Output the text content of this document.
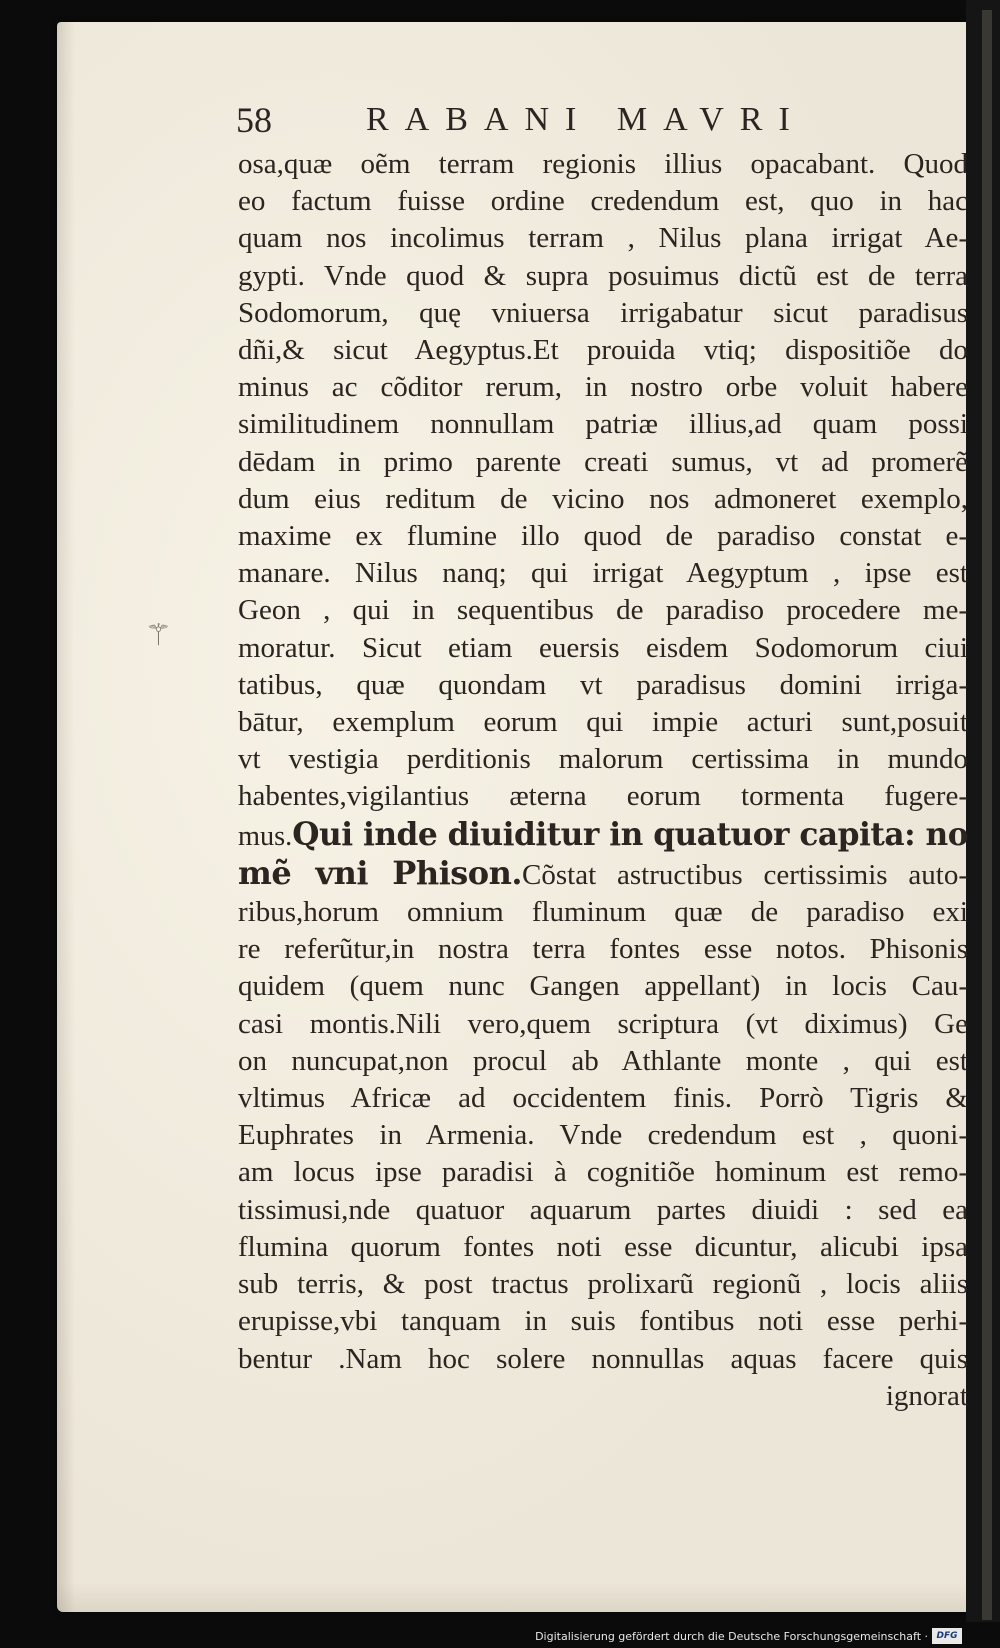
58	RABANI MAVRI
⚚
osa,quæ oẽm terram regionis illius opacabant. Quod
eo factum fuisse ordine credendum est, quo in hac
quam nos incolimus terram , Nilus plana irrigat Ae-
gypti. Vnde quod & supra posuimus dictũ est de terra
Sodomorum, quę vniuersa irrigabatur sicut paradisus
dñi,& sicut Aegyptus.Et prouida vtiq; dispositiõe do
minus ac cõditor rerum, in nostro orbe voluit habere
similitudinem nonnullam patriæ illius,ad quam possi
dēdam in primo parente creati sumus, vt ad promerẽ
dum eius reditum de vicino nos admoneret exemplo,
maxime ex flumine illo quod de paradiso constat e-
manare. Nilus nanq; qui irrigat Aegyptum , ipse est
Geon , qui in sequentibus de paradiso procedere me-
moratur. Sicut etiam euersis eisdem Sodomorum ciui
tatibus, quæ quondam vt paradisus domini irriga-
bātur, exemplum eorum qui impie acturi sunt,posuit
vt vestigia perditionis malorum certissima in mundo
habentes,vigilantius æterna eorum tormenta fugere-
mus.Qui inde diuiditur in quatuor capita: no
mẽ vni Phison.Cõstat astructibus certissimis auto-
ribus,horum omnium fluminum quæ de paradiso exi
re referũtur,in nostra terra fontes esse notos. Phisonis
quidem (quem nunc Gangen appellant) in locis Cau-
casi montis.Nili vero,quem scriptura (vt diximus) Ge
on nuncupat,non procul ab Athlante monte , qui est
vltimus Africæ ad occidentem finis. Porrò Tigris &
Euphrates in Armenia. Vnde credendum est , quoni-
am locus ipse paradisi à cognitiõe hominum est remo-
tissimusi,nde quatuor aquarum partes diuidi : sed ea
flumina quorum fontes noti esse dicuntur, alicubi ipsa
sub terris, & post tractus prolixarũ regionũ , locis aliis
erupisse,vbi tanquam in suis fontibus noti esse perhi-
bentur .Nam hoc solere nonnullas aquas facere quis
ignorat
Digitalisierung gefördert durch die Deutsche Forschungsgemeinschaft · DFG
